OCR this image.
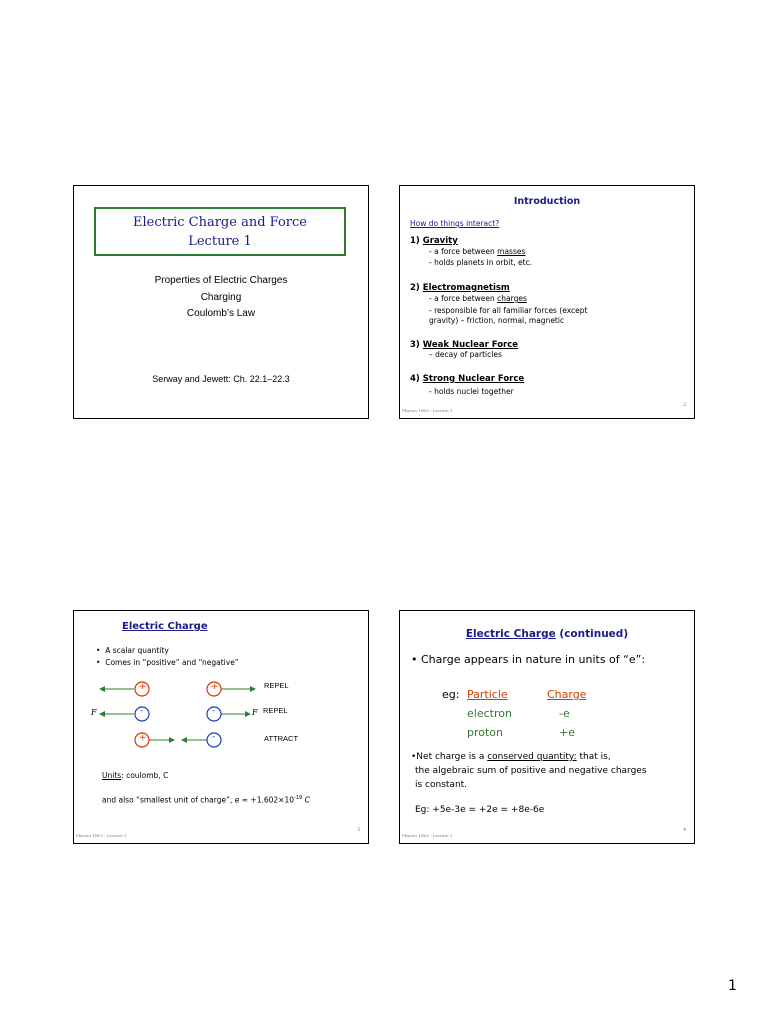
Electric Charge and Force
Lecture 1
Properties of Electric Charges
Charging
Coulomb’s Law
Serway and Jewett: Ch. 22.1–22.3
Introduction
How do things interact?
1) Gravity
- a force between masses
- holds planets in orbit, etc.
2) Electromagnetism
- a force between charges
- responsible for all familiar forces (except
gravity) – friction, normal, magnetic
3) Weak Nuclear Force
– decay of particles
4) Strong Nuclear Force
- holds nuclei together
Physics 1B03 - Lecture 1
2
Electric Charge
•  A scalar quantity
•  Comes in “positive” and “negative”
+	+
-	-
+	-
F	F
REPEL
REPEL
ATTRACT
Units: coulomb, C
and also “smallest unit of charge”, $e \approx +1.602\times 10^{-19}$ C
Physics 1B03 - Lecture 1
3
Electric Charge (continued)
• Charge appears in nature in units of “e”:
eg: Particle	Charge
electron	-e
proton	+e
•Net charge is a conserved quantity: that is,
the algebraic sum of positive and negative charges
is constant.
Eg: +5e-3e = +2e = +8e-6e
Physics 1B03 - Lecture 1
4
1
